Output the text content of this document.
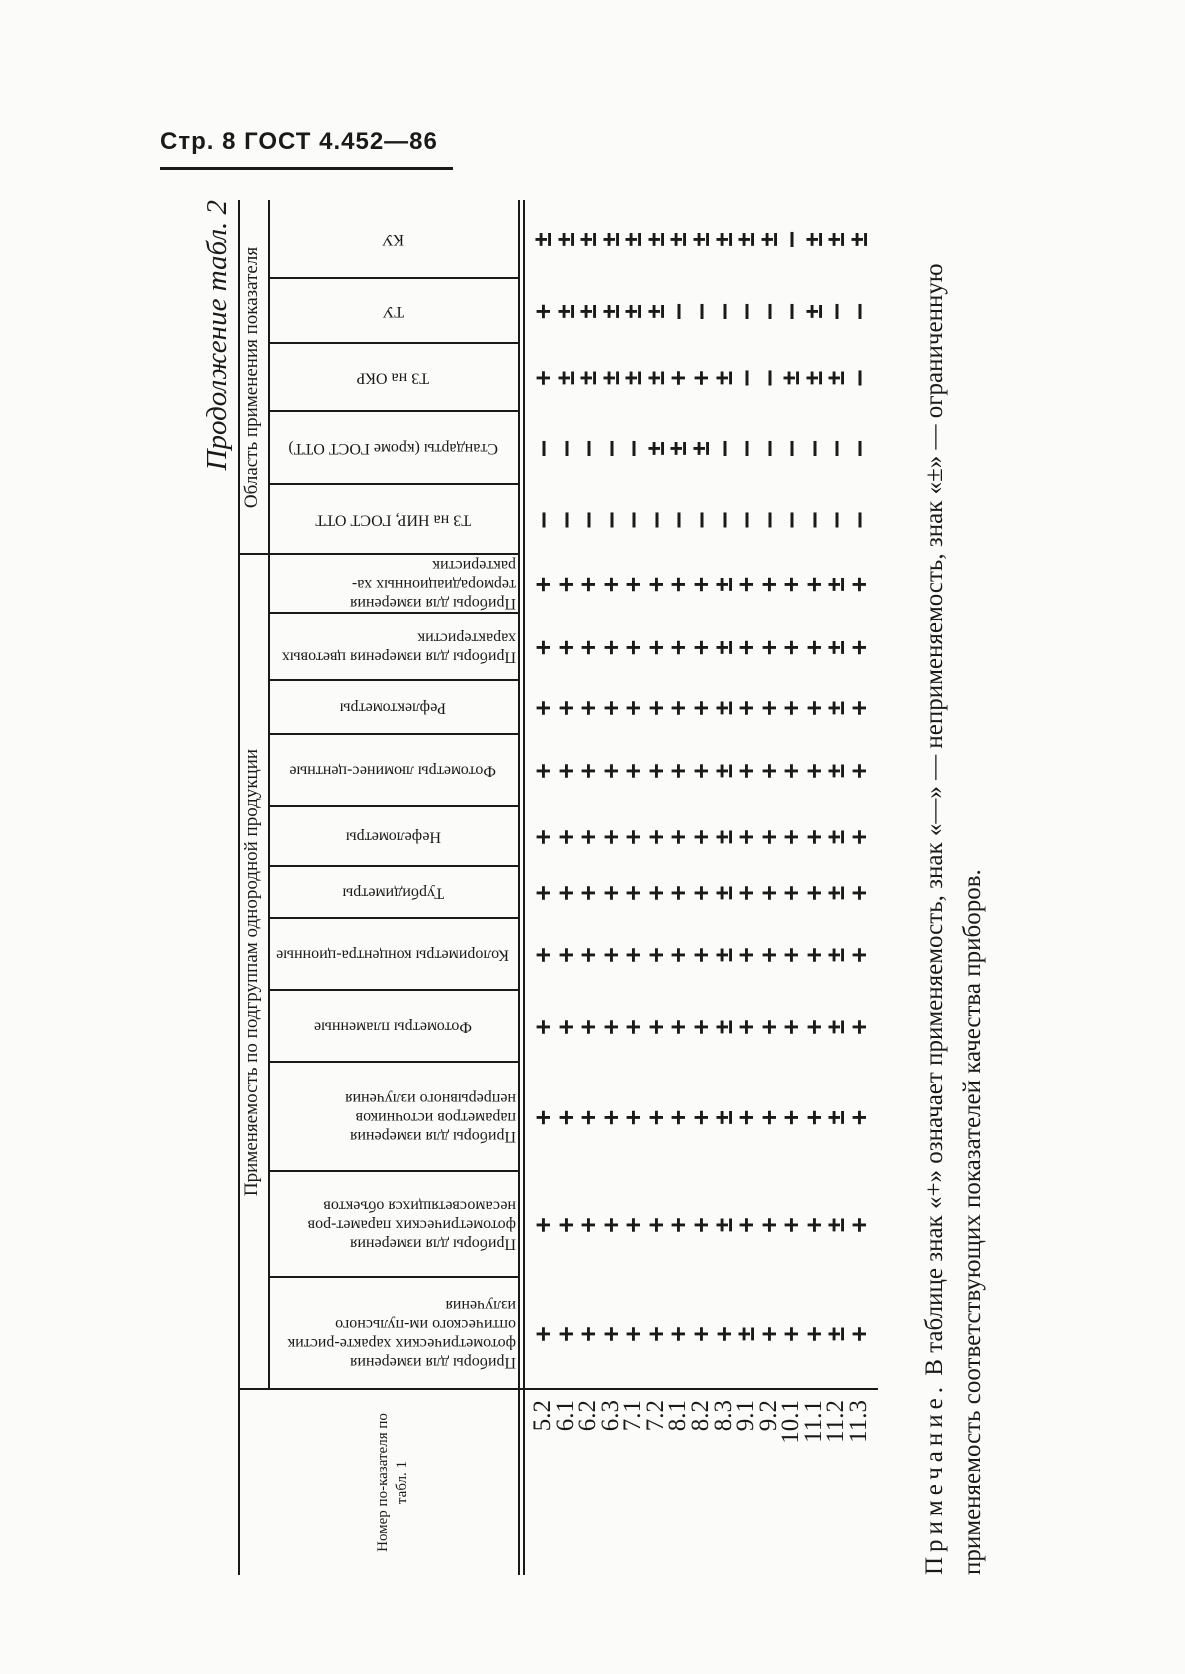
Стр. 8 ГОСТ 4.452—86
Продолжение табл. 2
Применяемость по подгруппам однородной продукции
Область применения показателя
Номер по-казателя по табл. 1
Приборы для измерения фотометрических характе-ристик оптического им-пульсного излучения
Приборы для измерения фотометрических парамет-ров несамосветящихся объектов
Приборы для измерения параметров источников непрерывного излучения
Фотометры пламенные
Колориметры концентра-ционные
Турбидиметры
Нефелометры
Фотометры люминес-центные
Рефлектометры
Приборы для измерения цветовых характеристик
Приборы для измерения термoрадиационных ха-рактеристик
ТЗ на НИР, ГОСТ ОТТ
Стандарты (кроме ГОСТ ОТТ)
ТЗ на ОКР
ТУ
КУ
5.2
6.1
6.2
6.3
7.1
7.2
8.1
8.2
8.3
9.1
9.2
10.1
11.1
11.2
11.3
+
+
+
+
+
+
+
+
+
±
+
+
+
±
+
+
+
+
+
+
+
+
+
±
+
+
+
+
±
+
+
+
+
+
+
+
+
+
±
+
+
+
+
±
+
+
+
+
+
+
+
+
+
±
+
+
+
+
±
+
+
+
+
+
+
+
+
+
±
+
+
+
+
±
+
+
+
+
+
+
+
+
+
±
+
+
+
+
±
+
+
+
+
+
+
+
+
+
±
+
+
+
+
±
+
+
+
+
+
+
+
+
+
±
+
+
+
+
±
+
+
+
+
+
+
+
+
+
±
+
+
+
+
±
+
+
+
+
+
+
+
+
+
±
+
+
+
+
±
+
+
+
+
+
+
+
+
+
±
+
+
+
+
±
+
—
—
—
—
—
—
—
—
—
—
—
—
—
—
—
—
—
—
—
—
±
±
±
—
—
—
—
—
—
—
+
±
±
±
±
±
+
+
±
—
—
±
±
±
—
+
±
±
±
±
±
—
—
—
—
—
—
±
—
—
±
±
±
±
±
±
±
±
±
±
±
—
±
±
±
Примечание. В таблице знак «+» означает применяемость, знак «—» — неприменяемость, знак «±» — ограниченную применяемость соответствующих показателей качества приборов.
